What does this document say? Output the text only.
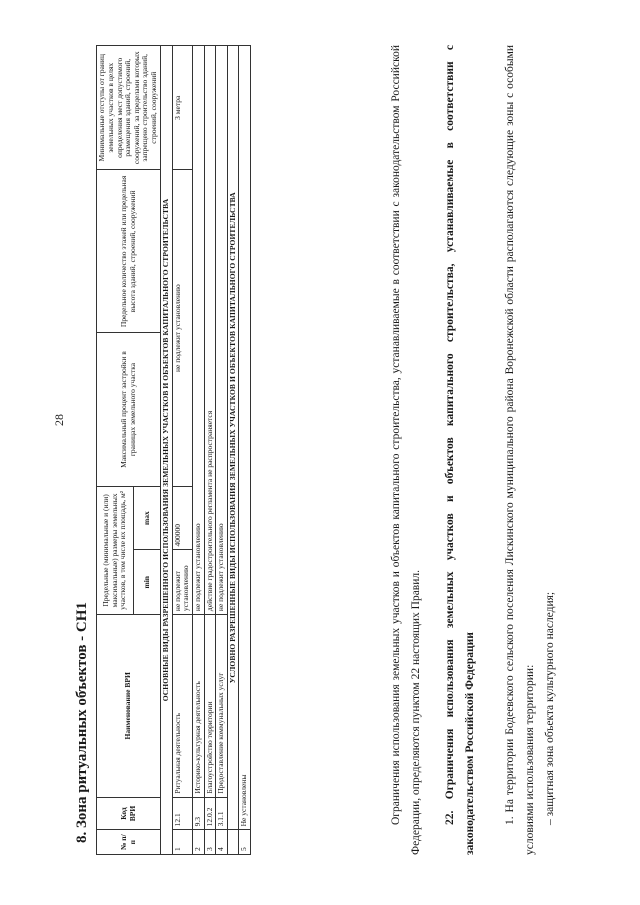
28
8. Зона ритуальных объектов - СН1	№ п/п	Код ВРИ	Наименование ВРИ	Предельные (минимальные и (или) максимальные) размеры земельных участков, в том числе их площадь, м²		Максимальный процент застройки в границах земельного участка	Предельное количество этажей или предельная высота зданий, строений, сооружений	Минимальные отступы от границ земельных участков в целях определения мест допустимого размещения зданий, строений, сооружений, за пределами которых запрещено строительство зданий, строений, сооружений
			min	max			
ОСНОВНЫЕ ВИДЫ РАЗРЕШЕННОГО ИСПОЛЬЗОВАНИЯ ЗЕМЕЛЬНЫХ УЧАСТКОВ И ОБЪЕКТОВ КАПИТАЛЬНОГО СТРОИТЕЛЬСТВА							
1	12.1	Ритуальная деятельность	не подлежит установлению	400000	не подлежит установлению		3 метра
2	9.3	Историко-культурная деятельность	не подлежит установлению				
3	12.0.2	Благоустройство территории	действие градостроительного регламента не распространяется				
4	3.1.1	Предоставление коммунальных услуг	не подлежит установлению				
	УСЛОВНО РАЗРЕШЕННЫЕ ВИДЫ ИСПОЛЬЗОВАНИЯ ЗЕМЕЛЬНЫХ УЧАСТКОВ И ОБЪЕКТОВ КАПИТАЛЬНОГО СТРОИТЕЛЬСТВА						
5	Не установлены							Ограничения использования земельных участков и объектов капитального строительства, устанавливаемые в соответствии с законодательством Российской Федерации, определяются пунктом 22 настоящих Правил.	22. Ограничения использования земельных участков и объектов капитального строительства, устанавливаемые в соответствии с законодательством Российской Федерации	1. На территории Бодеевского сельского поселения Лискинского муниципального района Воронежской области располагаются следующие зоны с особыми условиями использования территории: – защитная зона объекта культурного наследия;
